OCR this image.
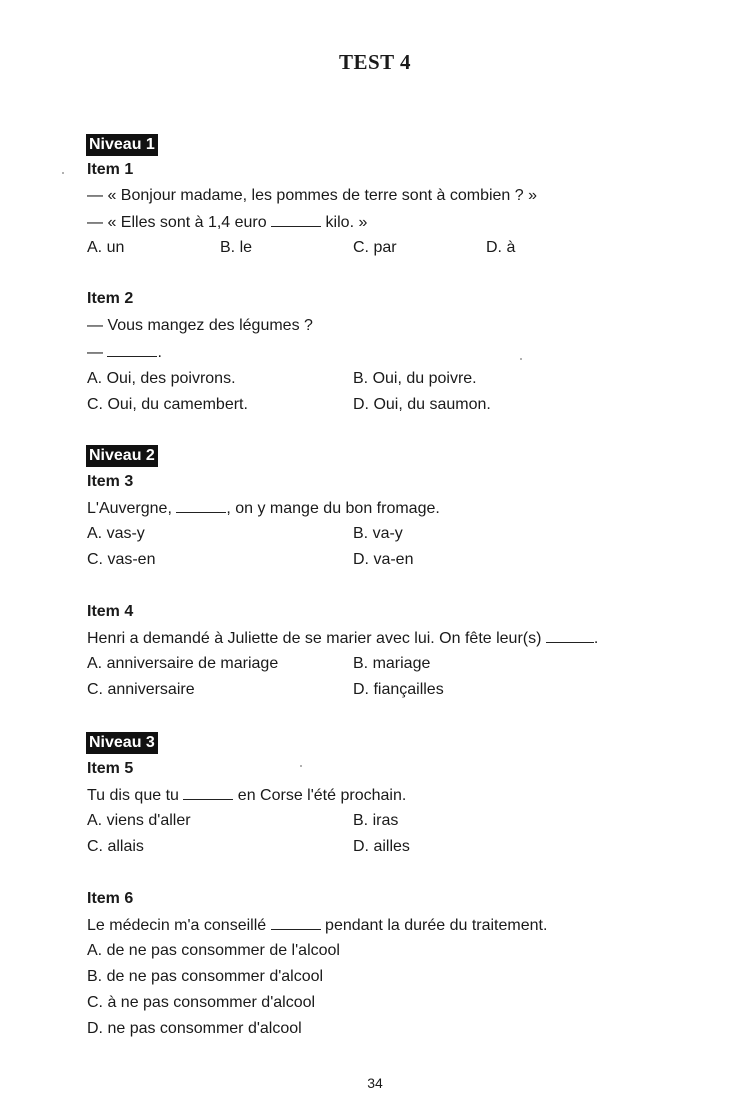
TEST 4
Niveau 1
Item 1
— « Bonjour madame, les pommes de terre sont à combien ? »
— « Elles sont à 1,4 euro	kilo. »
A. un	B. le	C. par	D. à
Item 2
— Vous mangez des légumes ?
—	.
A. Oui, des poivrons.	B. Oui, du poivre.
C. Oui, du camembert.	D. Oui, du saumon.
Niveau 2
Item 3
L'Auvergne,	, on y mange du bon fromage.
A. vas-y	B. va-y
C. vas-en	D. va-en
Item 4
Henri a demandé à Juliette de se marier avec lui. On fête leur(s)	.
A. anniversaire de mariage	B. mariage
C. anniversaire	D. fiançailles
Niveau 3
Item 5
Tu dis que tu	en Corse l'été prochain.
A. viens d'aller	B. iras
C. allais	D. ailles
Item 6
Le médecin m'a conseillé	pendant la durée du traitement.
A. de ne pas consommer de l'alcool
B. de ne pas consommer d'alcool
C. à ne pas consommer d'alcool
D. ne pas consommer d'alcool
34
